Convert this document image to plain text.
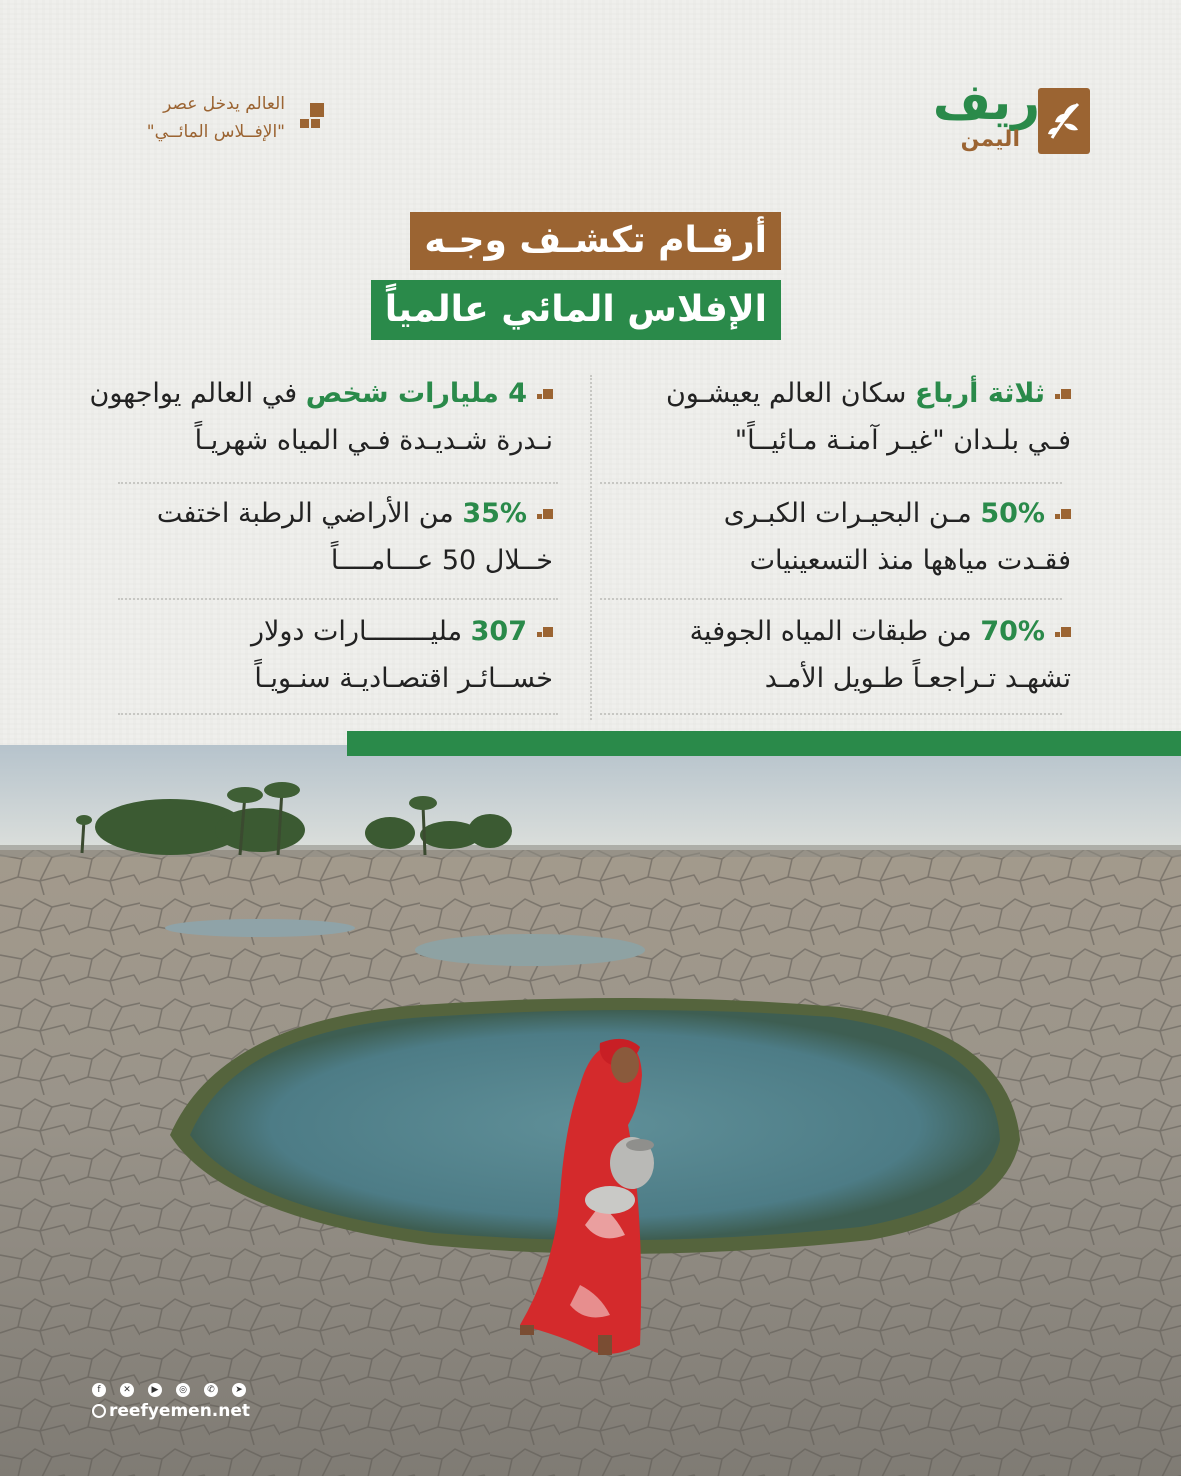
ريف
اليمن
العالم يدخل عصر
"الإفــلاس المائــي"
أرقـام تكشـف وجـه
الإفلاس المائي عالمياً
ثلاثة أرباع سكان العالم يعيشـون
فـي بلـدان "غيـر آمنـة مـائيــاً"
50% مـن البحيـرات الكبـرى
فقـدت مياهها منذ التسعينيات
70% من طبقات المياه الجوفية
تشهـد تـراجعـاً طـويل الأمـد
4 مليارات شخص في العالم يواجهون
نـدرة شـديـدة فـي المياه شهريـاً
35% من الأراضي الرطبة اختفت
خــلال 50 عـــامــــاً
307 مليــــــــارات دولار
خســائـر اقتصـاديـة سنـويـاً
f	✕	▶	◎	✆	➤
reefyemen.net
